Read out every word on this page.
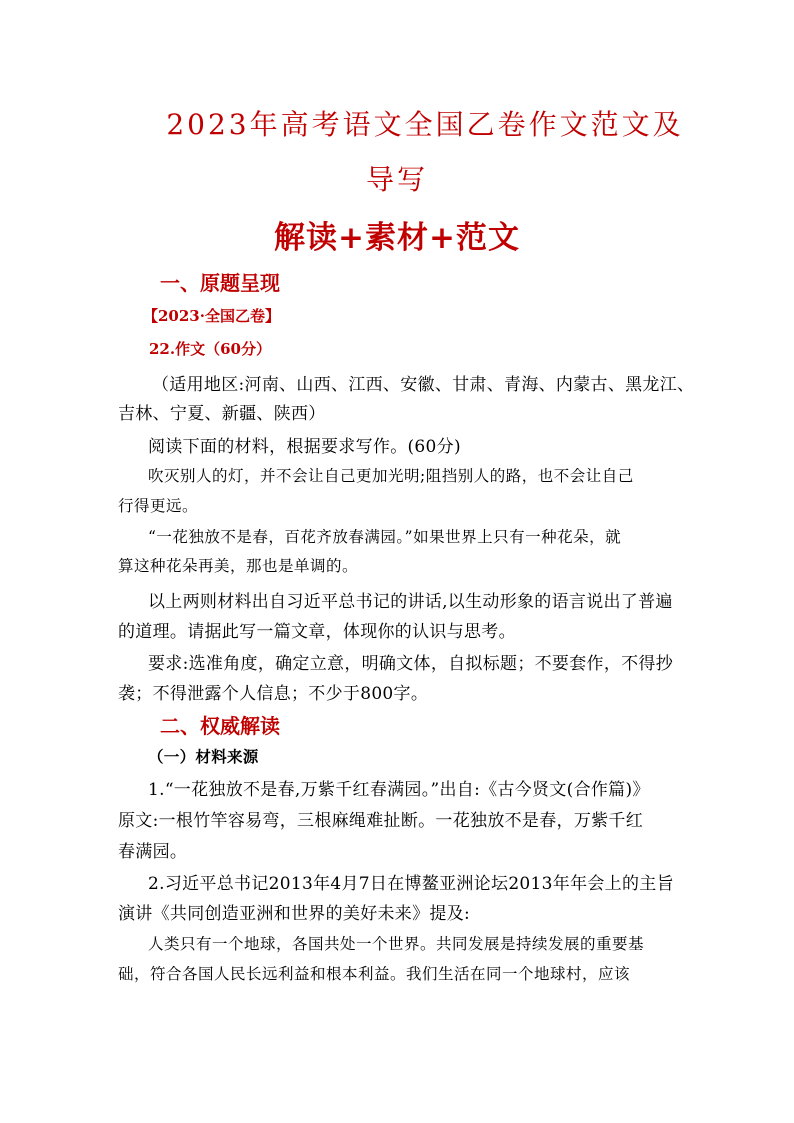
2023年高考语文全国乙卷作文范文及
导写
解读+素材+范文
一、原题呈现
【2023·全国乙卷】
22.作文（60分）
（适用地区:河南、山西、江西、安徽、甘肃、青海、内蒙古、黑龙江、
吉林、宁夏、新疆、陕西）
阅读下面的材料，根据要求写作。(60分)
吹灭别人的灯，并不会让自己更加光明;阻挡别人的路，也不会让自己
行得更远。
“一花独放不是春，百花齐放春满园。”如果世界上只有一种花朵，就
算这种花朵再美，那也是单调的。
以上两则材料出自习近平总书记的讲话,以生动形象的语言说出了普遍
的道理。请据此写一篇文章，体现你的认识与思考。
要求:选准角度，确定立意，明确文体，自拟标题；不要套作，不得抄
袭；不得泄露个人信息；不少于800字。
二、权威解读
（一）材料来源
1.“一花独放不是春,万紫千红春满园。”出自:《古今贤文(合作篇)》
原文:一根竹竿容易弯，三根麻绳难扯断。一花独放不是春，万紫千红
春满园。
2.习近平总书记2013年4月7日在博鳌亚洲论坛2013年年会上的主旨
演讲《共同创造亚洲和世界的美好未来》提及:
人类只有一个地球，各国共处一个世界。共同发展是持续发展的重要基
础，符合各国人民长远利益和根本利益。我们生活在同一个地球村，应该
